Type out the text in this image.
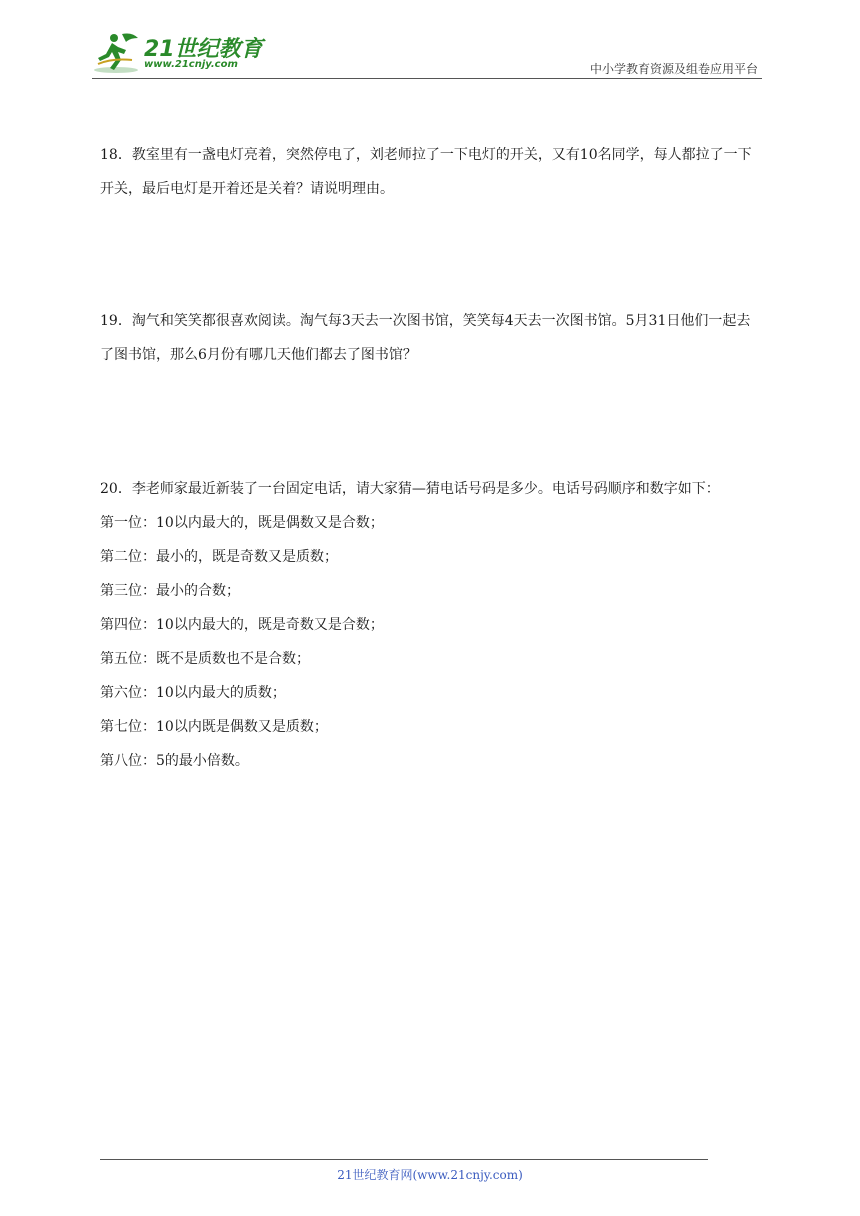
21世纪教育
www.21cnjy.com	中小学教育资源及组卷应用平台

18．教室里有一盏电灯亮着，突然停电了，刘老师拉了一下电灯的开关，又有10名同学，每人都拉了一下开关，最后电灯是开着还是关着？请说明理由。

19．淘气和笑笑都很喜欢阅读。淘气每3天去一次图书馆，笑笑每4天去一次图书馆。5月31日他们一起去了图书馆，那么6月份有哪几天他们都去了图书馆？

20．李老师家最近新装了一台固定电话，请大家猜—猜电话号码是多少。电话号码顺序和数字如下：
第一位：10以内最大的，既是偶数又是合数；
第二位：最小的，既是奇数又是质数；
第三位：最小的合数；
第四位：10以内最大的，既是奇数又是合数；
第五位：既不是质数也不是合数；
第六位：10以内最大的质数；
第七位：10以内既是偶数又是质数；
第八位：5的最小倍数。
21世纪教育网(www.21cnjy.com)
